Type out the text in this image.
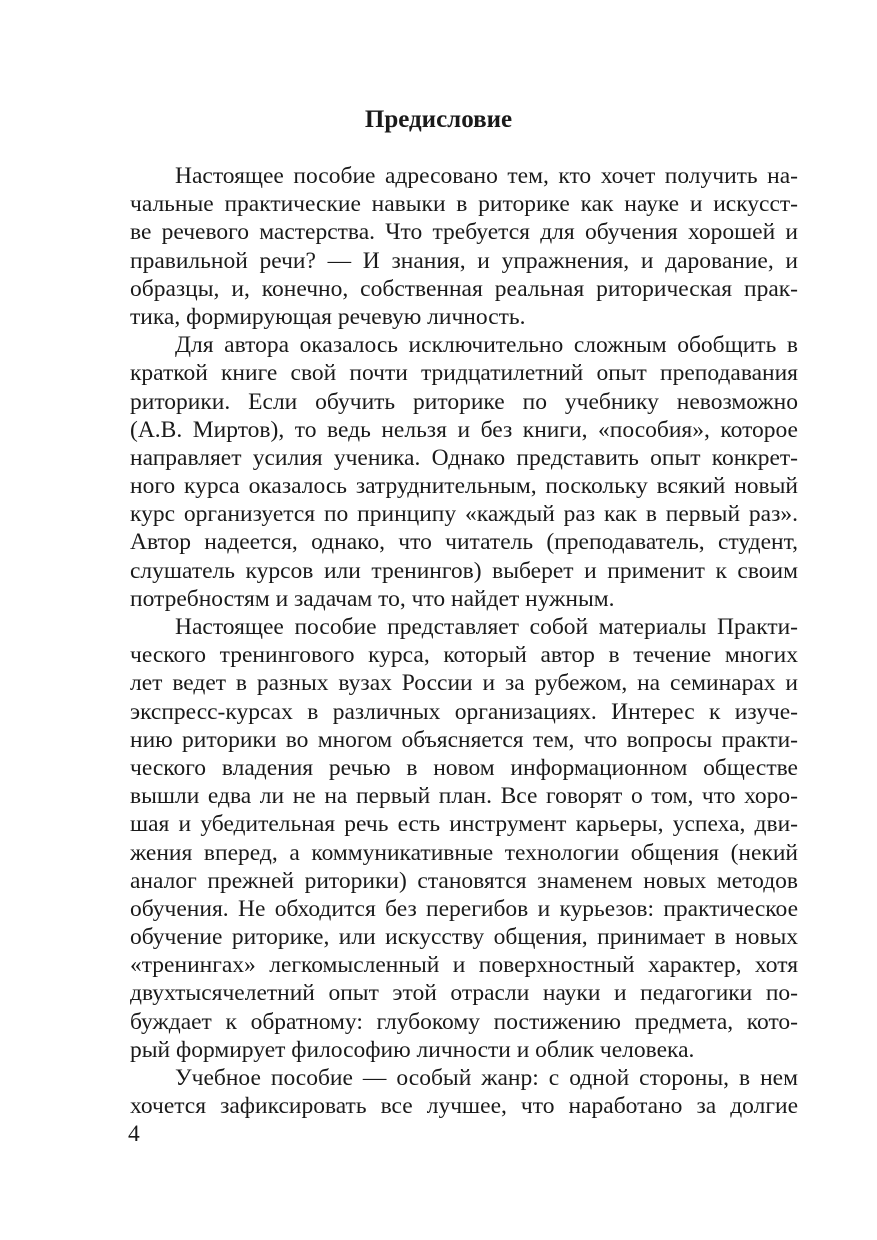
Предисловие
Настоящее пособие адресовано тем, кто хочет получить на-
чальные практические навыки в риторике как науке и искусст-
ве речевого мастерства. Что требуется для обучения хорошей и
правильной речи? — И знания, и упражнения, и дарование, и
образцы, и, конечно, собственная реальная риторическая прак-
тика, формирующая речевую личность.
Для автора оказалось исключительно сложным обобщить в
краткой книге свой почти тридцатилетний опыт преподавания
риторики. Если обучить риторике по учебнику невозможно
(А.В. Миртов), то ведь нельзя и без книги, «пособия», которое
направляет усилия ученика. Однако представить опыт конкрет-
ного курса оказалось затруднительным, поскольку всякий новый
курс организуется по принципу «каждый раз как в первый раз».
Автор надеется, однако, что читатель (преподаватель, студент,
слушатель курсов или тренингов) выберет и применит к своим
потребностям и задачам то, что найдет нужным.
Настоящее пособие представляет собой материалы Практи-
ческого тренингового курса, который автор в течение многих
лет ведет в разных вузах России и за рубежом, на семинарах и
экспресс-курсах в различных организациях. Интерес к изуче-
нию риторики во многом объясняется тем, что вопросы практи-
ческого владения речью в новом информационном обществе
вышли едва ли не на первый план. Все говорят о том, что хоро-
шая и убедительная речь есть инструмент карьеры, успеха, дви-
жения вперед, а коммуникативные технологии общения (некий
аналог прежней риторики) становятся знаменем новых методов
обучения. Не обходится без перегибов и курьезов: практическое
обучение риторике, или искусству общения, принимает в новых
«тренингах» легкомысленный и поверхностный характер, хотя
двухтысячелетний опыт этой отрасли науки и педагогики по-
буждает к обратному: глубокому постижению предмета, кото-
рый формирует философию личности и облик человека.
Учебное пособие — особый жанр: с одной стороны, в нем
хочется зафиксировать все лучшее, что наработано за долгие
4
